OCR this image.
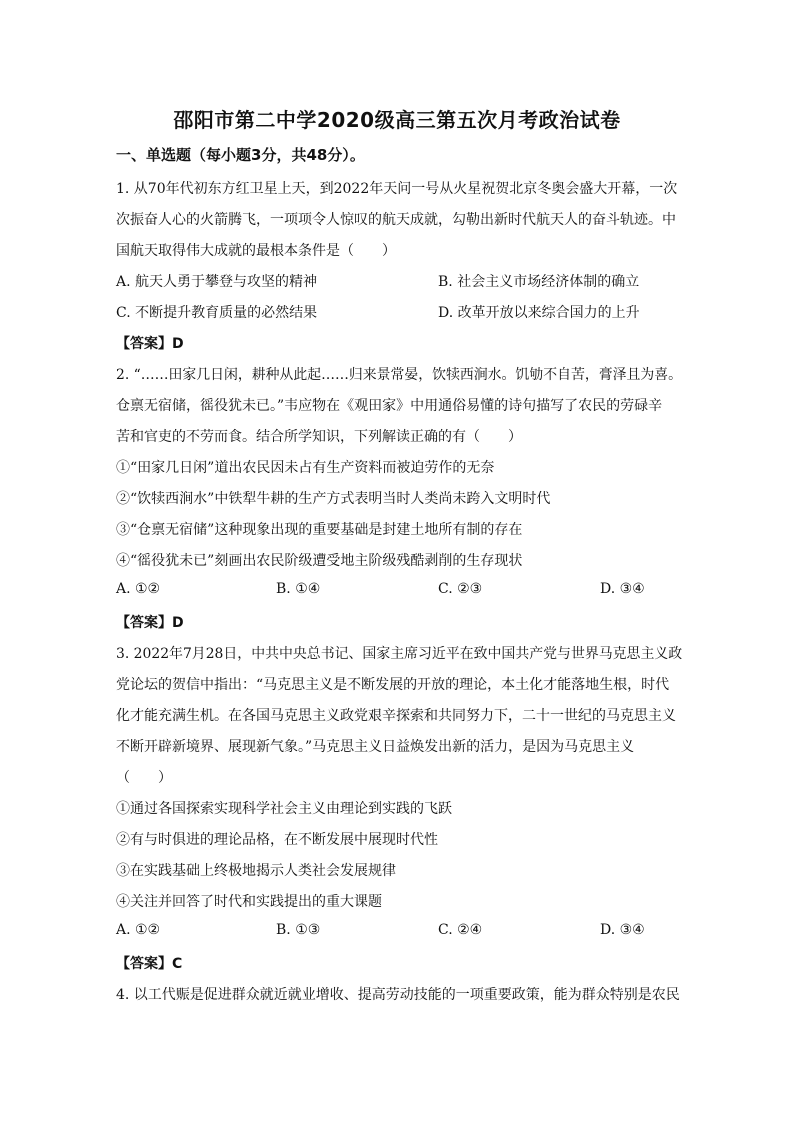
邵阳市第二中学2020级高三第五次月考政治试卷
一、单选题（每小题3分，共48分）。
1. 从70年代初东方红卫星上天，到2022年天问一号从火星祝贺北京冬奥会盛大开幕，一次
次振奋人心的火箭腾飞，一项项令人惊叹的航天成就，勾勒出新时代航天人的奋斗轨迹。中
国航天取得伟大成就的最根本条件是（　　）
A. 航天人勇于攀登与攻坚的精神	B. 社会主义市场经济体制的确立
C. 不断提升教育质量的必然结果	D. 改革开放以来综合国力的上升
【答案】D
2. “……田家几日闲，耕种从此起……归来景常晏，饮犊西涧水。饥劬不自苦，膏泽且为喜。
仓禀无宿储，徭役犹未已。”韦应物在《观田家》中用通俗易懂的诗句描写了农民的劳碌辛
苦和官吏的不劳而食。结合所学知识，下列解读正确的有（　　）
①“田家几日闲”道出农民因未占有生产资料而被迫劳作的无奈
②“饮犊西涧水”中铁犁牛耕的生产方式表明当时人类尚未跨入文明时代
③“仓禀无宿储”这种现象出现的重要基础是封建土地所有制的存在
④“徭役犹未已”刻画出农民阶级遭受地主阶级残酷剥削的生存现状
A. ①②	B. ①④	C. ②③	D. ③④
【答案】D
3. 2022年7月28日，中共中央总书记、国家主席习近平在致中国共产党与世界马克思主义政
党论坛的贺信中指出：“马克思主义是不断发展的开放的理论，本土化才能落地生根，时代
化才能充满生机。在各国马克思主义政党艰辛探索和共同努力下，二十一世纪的马克思主义
不断开辟新境界、展现新气象。”马克思主义日益焕发出新的活力，是因为马克思主义
（　　）
①通过各国探索实现科学社会主义由理论到实践的飞跃
②有与时俱进的理论品格，在不断发展中展现时代性
③在实践基础上终极地揭示人类社会发展规律
④关注并回答了时代和实践提出的重大课题
A. ①②	B. ①③	C. ②④	D. ③④
【答案】C
4. 以工代赈是促进群众就近就业增收、提高劳动技能的一项重要政策，能为群众特别是农民
